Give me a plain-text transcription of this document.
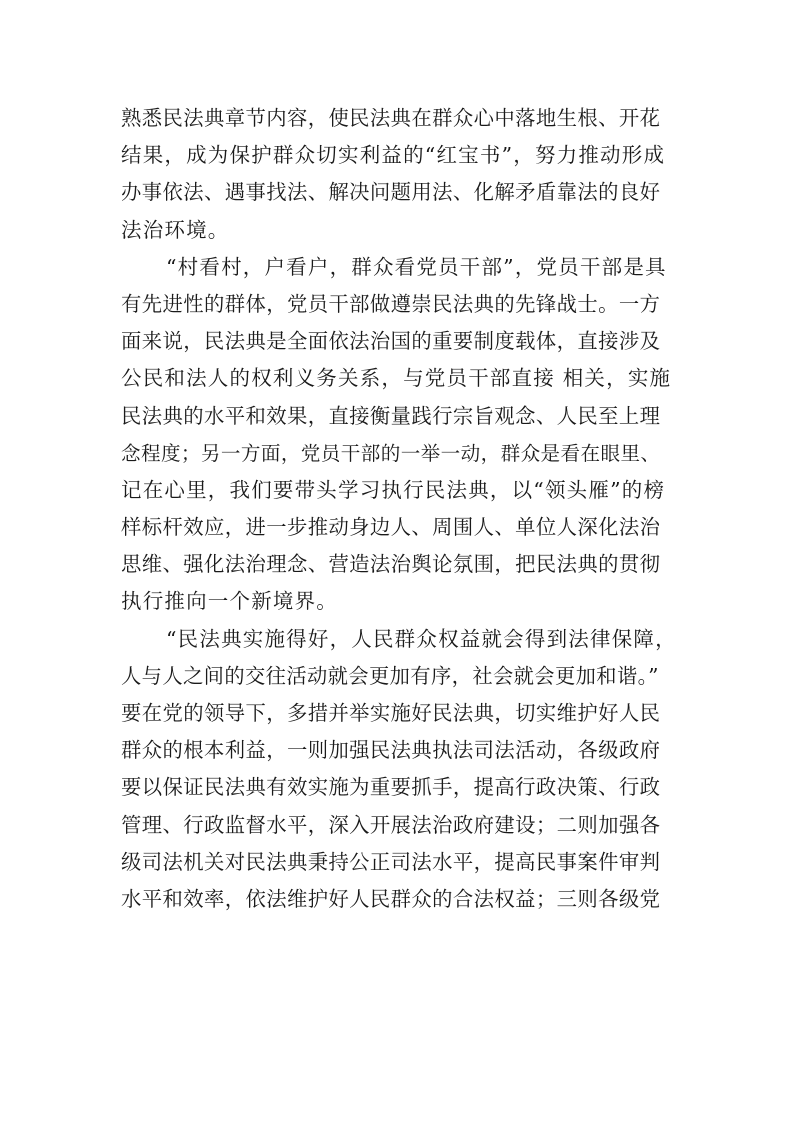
熟悉民法典章节内容，使民法典在群众心中落地生根、开花
结果，成为保护群众切实利益的“红宝书”，努力推动形成
办事依法、遇事找法、解决问题用法、化解矛盾靠法的良好
法治环境。
“村看村，户看户，群众看党员干部”，党员干部是具
有先进性的群体，党员干部做遵崇民法典的先锋战士。一方
面来说，民法典是全面依法治国的重要制度载体，直接涉及
公民和法人的权利义务关系，与党员干部直接 相关，实施
民法典的水平和效果，直接衡量践行宗旨观念、人民至上理
念程度；另一方面，党员干部的一举一动，群众是看在眼里、
记在心里，我们要带头学习执行民法典，以“领头雁”的榜
样标杆效应，进一步推动身边人、周围人、单位人深化法治
思维、强化法治理念、营造法治舆论氛围，把民法典的贯彻
执行推向一个新境界。
“民法典实施得好，人民群众权益就会得到法律保障，
人与人之间的交往活动就会更加有序，社会就会更加和谐。”
要在党的领导下，多措并举实施好民法典，切实维护好人民
群众的根本利益，一则加强民法典执法司法活动，各级政府
要以保证民法典有效实施为重要抓手，提高行政决策、行政
管理、行政监督水平，深入开展法治政府建设；二则加强各
级司法机关对民法典秉持公正司法水平，提高民事案件审判
水平和效率，依法维护好人民群众的合法权益；三则各级党
